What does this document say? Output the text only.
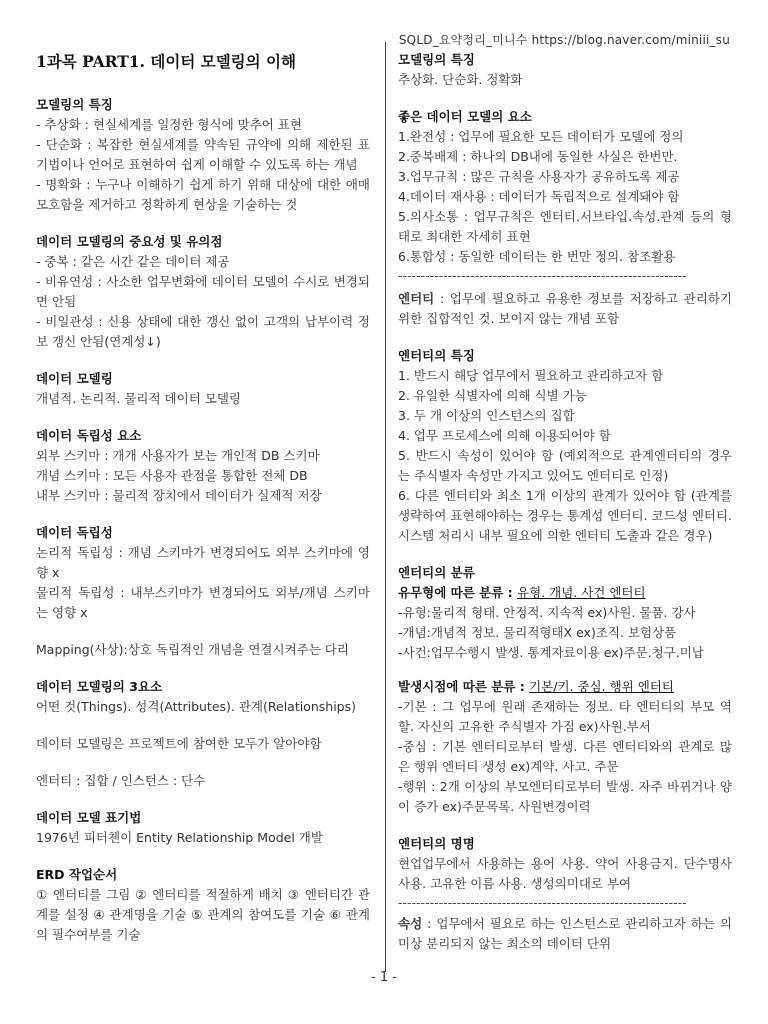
SQLD_요약정리_미니수 https://blog.naver.com/miniii_su
1과목 PART1. 데이터 모델링의 이해
모델링의 특징
- 추상화 : 현실세계를 일정한 형식에 맞추어 표현
- 단순화 : 복잡한 현실세계를 약속된 규약에 의해 제한된 표기법이나 언어로 표현하여 쉽게 이해할 수 있도록 하는 개념
- 명확화 : 누구나 이해하기 쉽게 하기 위해 대상에 대한 애매모호함을 제거하고 정확하게 현상을 기술하는 것
데이터 모델링의 중요성 및 유의점
- 중복 : 같은 시간 같은 데이터 제공
- 비유연성 : 사소한 업무변화에 데이터 모델이 수시로 변경되면 안됨
- 비일관성 : 신용 상태에 대한 갱신 없이 고객의 납부이력 정보 갱신 안됨(연계성↓)
데이터 모델링
개념적. 논리적. 물리적 데이터 모델링
데이터 독립성 요소
외부 스키마 : 개개 사용자가 보는 개인적 DB 스키마
개념 스키마 : 모든 사용자 관점을 통합한 전체 DB
내부 스키마 : 물리적 장치에서 데이터가 실제적 저장
데이터 독립성
논리적 독립성 : 개념 스키마가 변경되어도 외부 스키마에 영향 x
물리적 독립성 : 내부스키마가 변경되어도 외부/개념 스키마는 영향 x
Mapping(사상):상호 독립적인 개념을 연결시켜주는 다리
데이터 모델링의 3요소
어떤 것(Things). 성격(Attributes). 관계(Relationships)
데이터 모델링은 프로젝트에 참여한 모두가 알아야함
엔터티 : 집합 / 인스턴스 : 단수
데이터 모델 표기법
1976년 피터첸이 Entity Relationship Model 개발
ERD 작업순서
① 엔터티를 그림 ② 엔터티를 적절하게 배치 ③ 엔터티간 관계를 설정 ④ 관계명을 기술 ⑤ 관계의 참여도를 기술 ⑥ 관계의 필수여부를 기술
모델링의 특징
추상화. 단순화. 정확화
좋은 데이터 모델의 요소
1.완전성 : 업무에 필요한 모든 데이터가 모델에 정의
2.중복배제 : 하나의 DB내에 동일한 사실은 한번만.
3.업무규칙 : 많은 규칙을 사용자가 공유하도록 제공
4.데이터 재사용 : 데이터가 독립적으로 설계돼야 함
5.의사소통 : 업무규칙은 엔터티.서브타입.속성.관계 등의 형태로 최대한 자세히 표현
6.통합성 : 동일한 데이터는 한 번만 정의. 참조활용
----------------------------------------------------------------
엔터티 : 업무에 필요하고 유용한 정보를 저장하고 관리하기 위한 집합적인 것. 보이지 않는 개념 포함
엔터티의 특징
1. 반드시 해당 업무에서 필요하고 관리하고자 함
2. 유일한 식별자에 의해 식별 가능
3. 두 개 이상의 인스턴스의 집합
4. 업무 프로세스에 의해 이용되어야 함
5. 반드시 속성이 있어야 함 (예외적으로 관계엔터티의 경우는 주식별자 속성만 가지고 있어도 엔터티로 인정)
6. 다른 엔터티와 최소 1개 이상의 관계가 있어야 함 (관계를 생략하여 표현해야하는 경우는 통계성 엔터티. 코드성 엔터티. 시스템 처리시 내부 필요에 의한 엔터티 도출과 같은 경우)
엔터티의 분류
유무형에 따른 분류 : 유형. 개념. 사건 엔터티
-유형:물리적 형태. 안정적. 지속적 ex)사원. 물품. 강사
-개념:개념적 정보. 물리적형태X ex)조직. 보험상품
-사건:업무수행시 발생. 통계자료이용 ex)주문.청구.미납
발생시점에 따른 분류 : 기본/키. 중심. 행위 엔터티
-기본 : 그 업무에 원래 존재하는 정보. 타 엔터티의 부모 역할. 자신의 고유한 주식별자 가짐 ex)사원.부서
-중심 : 기본 엔터티로부터 발생. 다른 엔터티와의 관계로 많은 행위 엔터티 생성 ex)계약. 사고. 주문
-행위 : 2개 이상의 부모엔터티로부터 발생. 자주 바뀌거나 양이 증가 ex)주문목록. 사원변경이력
엔터티의 명명
현업업무에서 사용하는 용어 사용. 약어 사용금지. 단수명사 사용. 고유한 이름 사용. 생성의미대로 부여
----------------------------------------------------------------
속성 : 업무에서 필요로 하는 인스턴스로 관리하고자 하는 의미상 분리되지 않는 최소의 데이터 단위
- 1 -
